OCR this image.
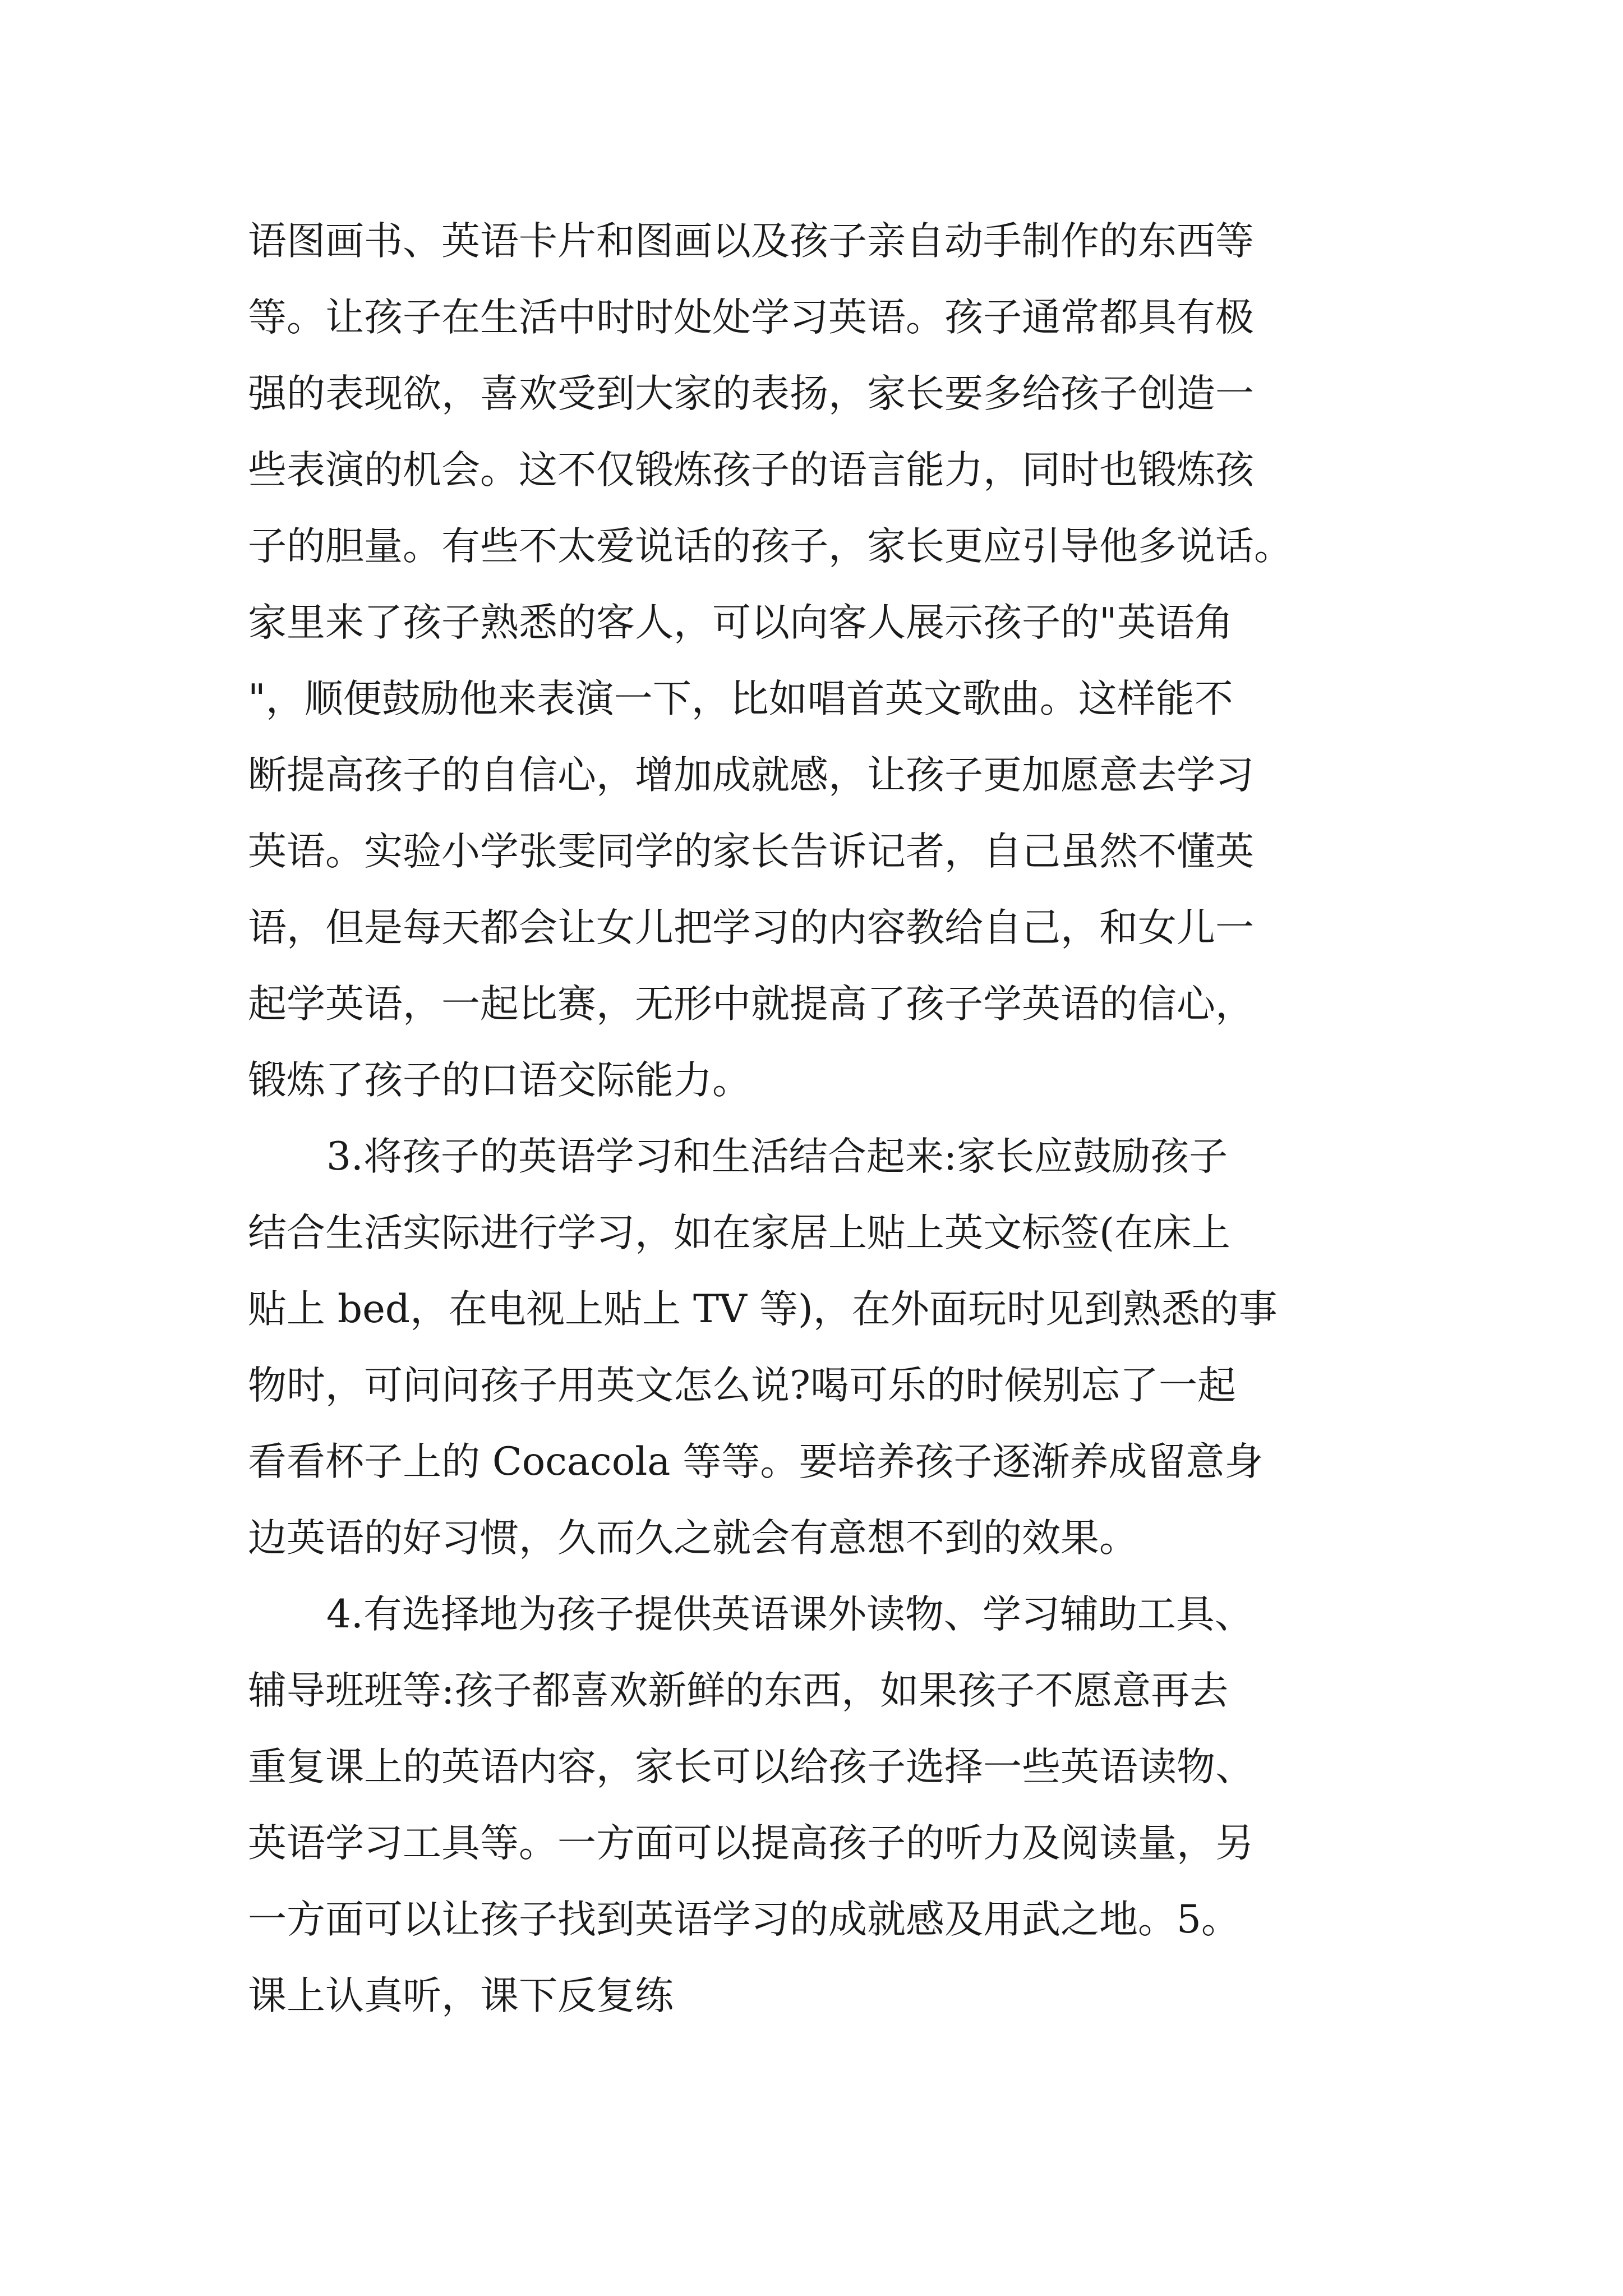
语图画书、英语卡片和图画以及孩子亲自动手制作的东西等
等。让孩子在生活中时时处处学习英语。孩子通常都具有极
强的表现欲，喜欢受到大家的表扬，家长要多给孩子创造一
些表演的机会。这不仅锻炼孩子的语言能力，同时也锻炼孩
子的胆量。有些不太爱说话的孩子，家长更应引导他多说话。
家里来了孩子熟悉的客人，可以向客人展示孩子的"英语角
"，顺便鼓励他来表演一下，比如唱首英文歌曲。这样能不
断提高孩子的自信心，增加成就感，让孩子更加愿意去学习
英语。实验小学张雯同学的家长告诉记者，自己虽然不懂英
语，但是每天都会让女儿把学习的内容教给自己，和女儿一
起学英语，一起比赛，无形中就提高了孩子学英语的信心，
锻炼了孩子的口语交际能力。
3.将孩子的英语学习和生活结合起来:家长应鼓励孩子
结合生活实际进行学习，如在家居上贴上英文标签(在床上
贴上 bed，在电视上贴上 TV 等)，在外面玩时见到熟悉的事
物时，可问问孩子用英文怎么说?喝可乐的时候别忘了一起
看看杯子上的 Cocacola 等等。要培养孩子逐渐养成留意身
边英语的好习惯，久而久之就会有意想不到的效果。
4.有选择地为孩子提供英语课外读物、学习辅助工具、
辅导班班等:孩子都喜欢新鲜的东西，如果孩子不愿意再去
重复课上的英语内容，家长可以给孩子选择一些英语读物、
英语学习工具等。一方面可以提高孩子的听力及阅读量，另
一方面可以让孩子找到英语学习的成就感及用武之地。5。
课上认真听，课下反复练
